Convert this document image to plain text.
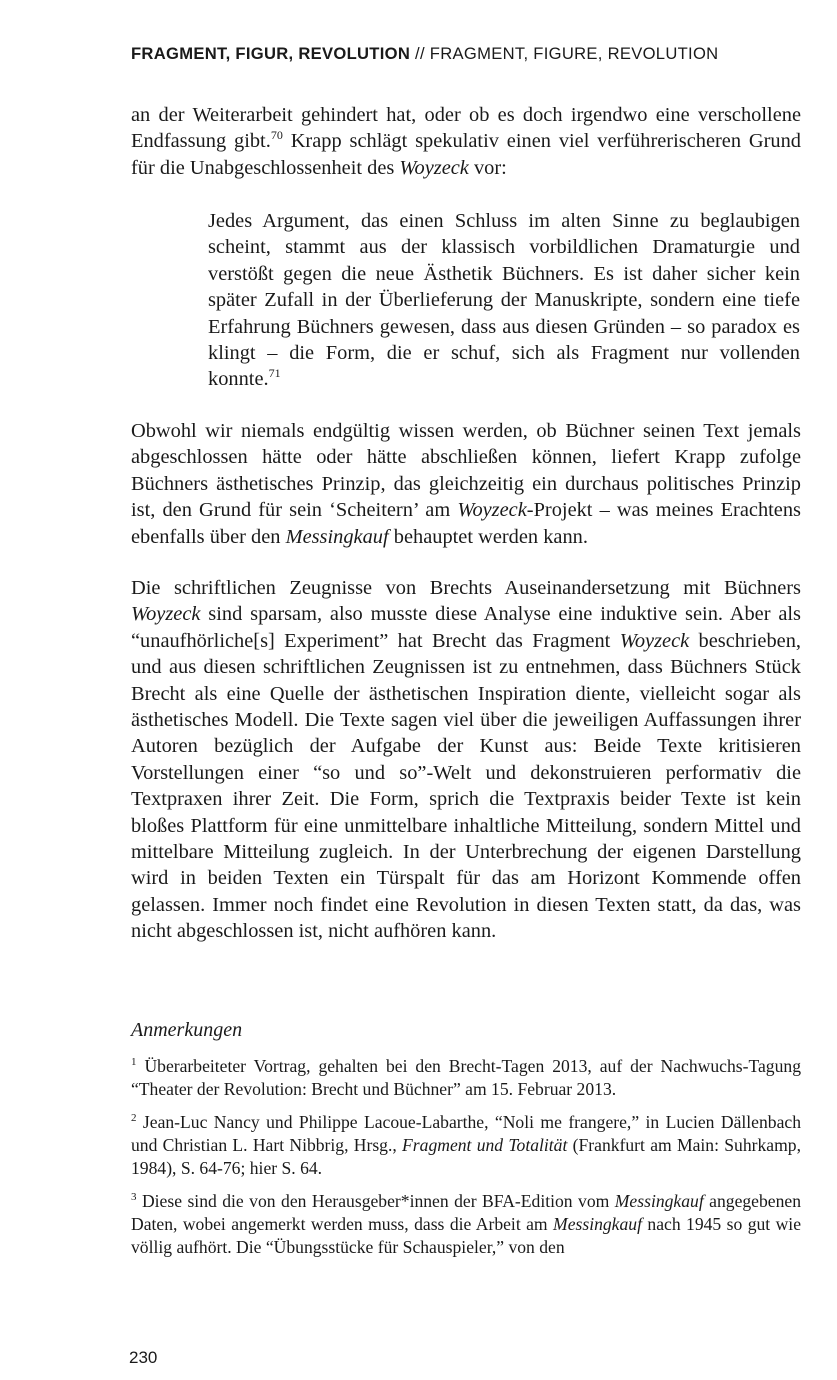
FRAGMENT, FIGUR, REVOLUTION // FRAGMENT, FIGURE, REVOLUTION

an der Weiterarbeit gehindert hat, oder ob es doch irgendwo eine verschollene Endfassung gibt.$^{70}$ Krapp schlägt spekulativ einen viel verführerischeren Grund für die Unabgeschlossenheit des Woyzeck vor:

Jedes Argument, das einen Schluss im alten Sinne zu beglaubigen scheint, stammt aus der klassisch vorbildlichen Dramaturgie und verstößt gegen die neue Ästhetik Büchners. Es ist daher sicher kein später Zufall in der Überlieferung der Manuskripte, sondern eine tiefe Erfahrung Büchners gewesen, dass aus diesen Gründen – so paradox es klingt – die Form, die er schuf, sich als Fragment nur vollenden konnte.$^{71}$

Obwohl wir niemals endgültig wissen werden, ob Büchner seinen Text jemals abgeschlossen hätte oder hätte abschließen können, liefert Krapp zufolge Büchners ästhetisches Prinzip, das gleichzeitig ein durchaus politisches Prinzip ist, den Grund für sein ‘Scheitern’ am Woyzeck-Projekt – was meines Erachtens ebenfalls über den Messingkauf behauptet werden kann.

Die schriftlichen Zeugnisse von Brechts Auseinandersetzung mit Büchners Woyzeck sind sparsam, also musste diese Analyse eine induktive sein. Aber als “unaufhörliche[s] Experiment” hat Brecht das Fragment Woyzeck beschrieben, und aus diesen schriftlichen Zeugnissen ist zu entnehmen, dass Büchners Stück Brecht als eine Quelle der ästhetischen Inspiration diente, vielleicht sogar als ästhetisches Modell. Die Texte sagen viel über die jeweiligen Auffassungen ihrer Autoren bezüglich der Aufgabe der Kunst aus: Beide Texte kritisieren Vorstellungen einer “so und so”-Welt und dekonstruieren performativ die Textpraxen ihrer Zeit. Die Form, sprich die Textpraxis beider Texte ist kein bloßes Plattform für eine unmittelbare inhaltliche Mitteilung, sondern Mittel und mittelbare Mitteilung zugleich. In der Unterbrechung der eigenen Darstellung wird in beiden Texten ein Türspalt für das am Horizont Kommende offen gelassen. Immer noch findet eine Revolution in diesen Texten statt, da das, was nicht abgeschlossen ist, nicht aufhören kann.

Anmerkungen

$^1$ Überarbeiteter Vortrag, gehalten bei den Brecht-Tagen 2013, auf der Nachwuchs-Tagung “Theater der Revolution: Brecht und Büchner” am 15. Februar 2013.

$^2$ Jean-Luc Nancy und Philippe Lacoue-Labarthe, “Noli me frangere,” in Lucien Dällenbach und Christian L. Hart Nibbrig, Hrsg., Fragment und Totalität (Frankfurt am Main: Suhrkamp, 1984), S. 64-76; hier S. 64.

$^3$ Diese sind die von den Herausgeber*innen der BFA-Edition vom Messingkauf angegebenen Daten, wobei angemerkt werden muss, dass die Arbeit am Messingkauf nach 1945 so gut wie völlig aufhört. Die “Übungsstücke für Schauspieler,” von den

230
